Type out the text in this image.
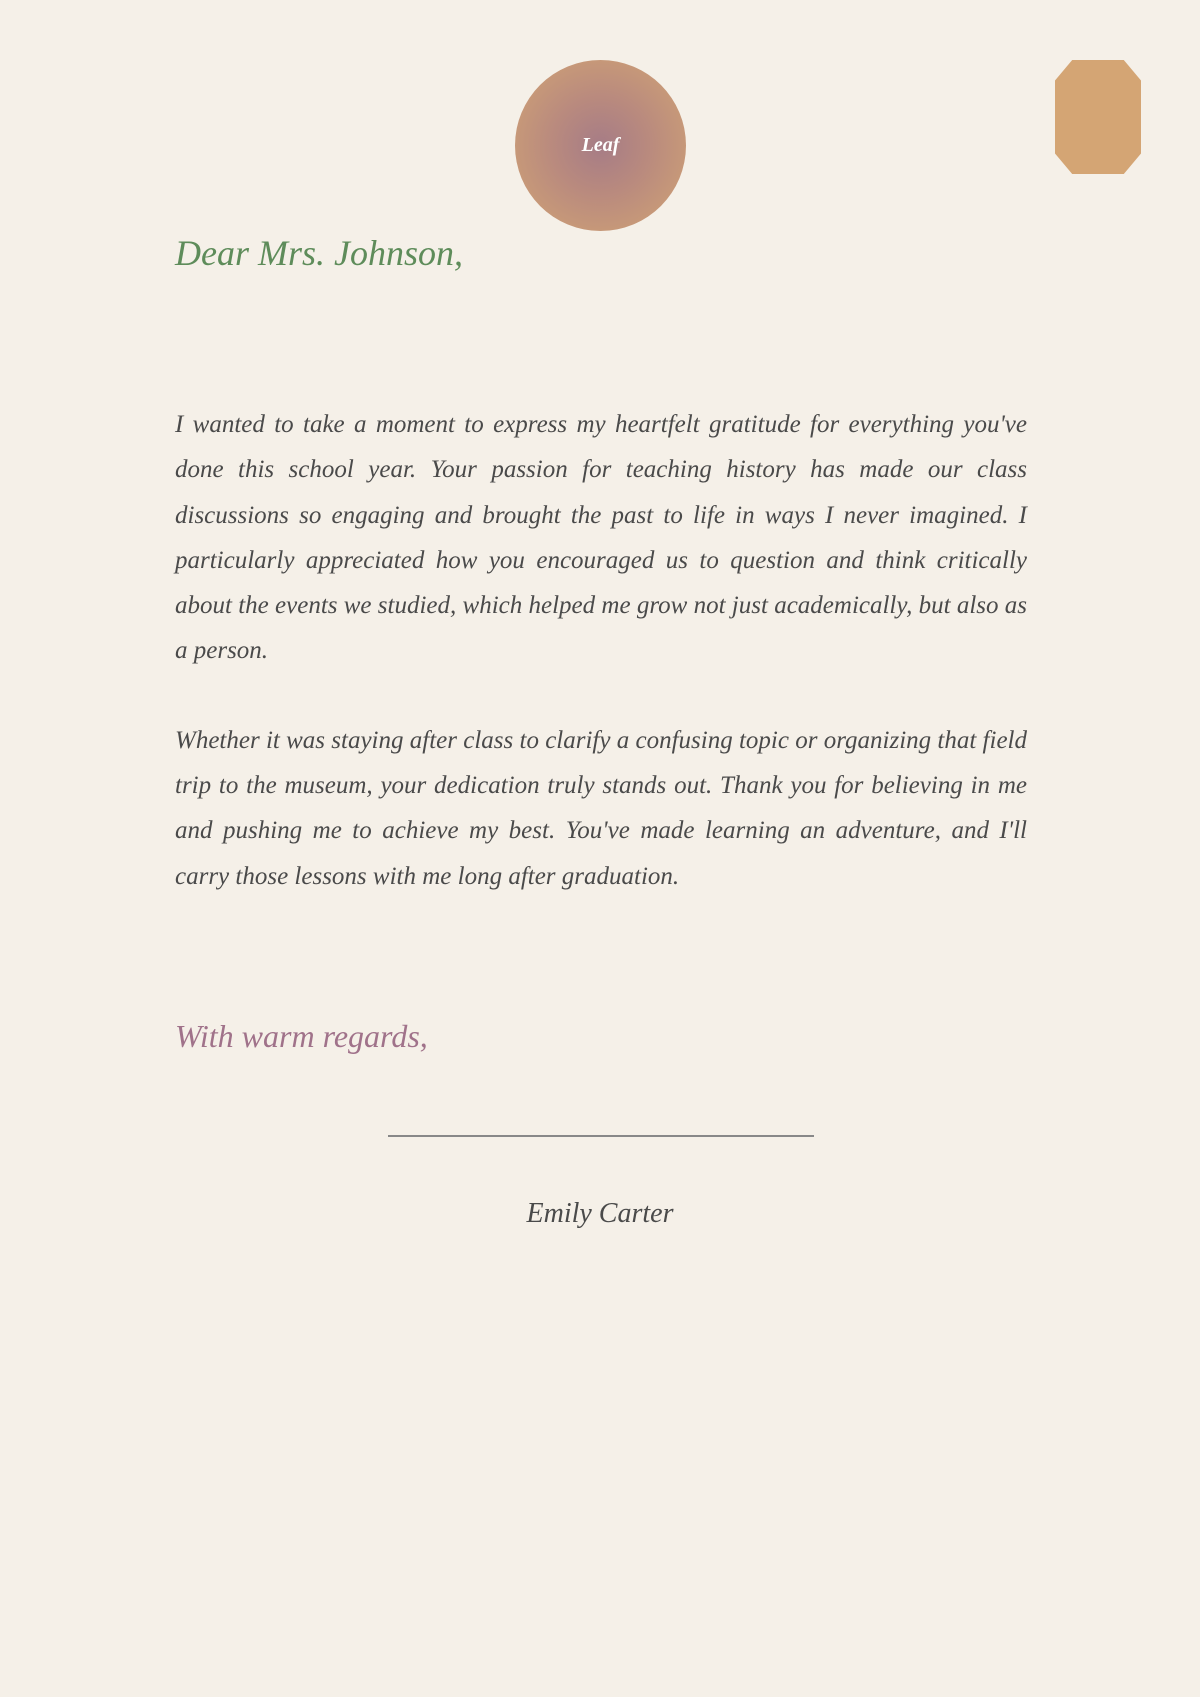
Leaf
Dear Mrs. Johnson,

I wanted to take a moment to express my heartfelt gratitude for everything you've done this school year. Your passion for teaching history has made our class discussions so engaging and brought the past to life in ways I never imagined. I particularly appreciated how you encouraged us to question and think critically about the events we studied, which helped me grow not just academically, but also as a person.

Whether it was staying after class to clarify a confusing topic or organizing that field trip to the museum, your dedication truly stands out. Thank you for believing in me and pushing me to achieve my best. You've made learning an adventure, and I'll carry those lessons with me long after graduation.

With warm regards,
Emily Carter
